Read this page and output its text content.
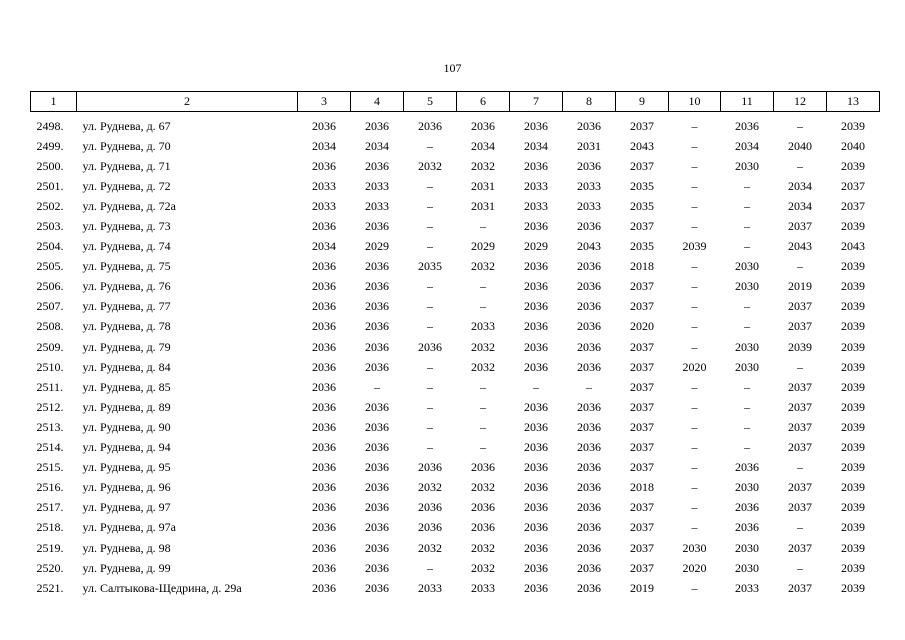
107
1	2	3	4	5	6	7	8	9	10	11	12	13
2498.	ул. Руднева, д. 67	2036	2036	2036	2036	2036	2036	2037	–	2036	–	2039
2499.	ул. Руднева, д. 70	2034	2034	–	2034	2034	2031	2043	–	2034	2040	2040
2500.	ул. Руднева, д. 71	2036	2036	2032	2032	2036	2036	2037	–	2030	–	2039
2501.	ул. Руднева, д. 72	2033	2033	–	2031	2033	2033	2035	–	–	2034	2037
2502.	ул. Руднева, д. 72а	2033	2033	–	2031	2033	2033	2035	–	–	2034	2037
2503.	ул. Руднева, д. 73	2036	2036	–	–	2036	2036	2037	–	–	2037	2039
2504.	ул. Руднева, д. 74	2034	2029	–	2029	2029	2043	2035	2039	–	2043	2043
2505.	ул. Руднева, д. 75	2036	2036	2035	2032	2036	2036	2018	–	2030	–	2039
2506.	ул. Руднева, д. 76	2036	2036	–	–	2036	2036	2037	–	2030	2019	2039
2507.	ул. Руднева, д. 77	2036	2036	–	–	2036	2036	2037	–	–	2037	2039
2508.	ул. Руднева, д. 78	2036	2036	–	2033	2036	2036	2020	–	–	2037	2039
2509.	ул. Руднева, д. 79	2036	2036	2036	2032	2036	2036	2037	–	2030	2039	2039
2510.	ул. Руднева, д. 84	2036	2036	–	2032	2036	2036	2037	2020	2030	–	2039
2511.	ул. Руднева, д. 85	2036	–	–	–	–	–	2037	–	–	2037	2039
2512.	ул. Руднева, д. 89	2036	2036	–	–	2036	2036	2037	–	–	2037	2039
2513.	ул. Руднева, д. 90	2036	2036	–	–	2036	2036	2037	–	–	2037	2039
2514.	ул. Руднева, д. 94	2036	2036	–	–	2036	2036	2037	–	–	2037	2039
2515.	ул. Руднева, д. 95	2036	2036	2036	2036	2036	2036	2037	–	2036	–	2039
2516.	ул. Руднева, д. 96	2036	2036	2032	2032	2036	2036	2018	–	2030	2037	2039
2517.	ул. Руднева, д. 97	2036	2036	2036	2036	2036	2036	2037	–	2036	2037	2039
2518.	ул. Руднева, д. 97а	2036	2036	2036	2036	2036	2036	2037	–	2036	–	2039
2519.	ул. Руднева, д. 98	2036	2036	2032	2032	2036	2036	2037	2030	2030	2037	2039
2520.	ул. Руднева, д. 99	2036	2036	–	2032	2036	2036	2037	2020	2030	–	2039
2521.	ул. Салтыкова-Щедрина, д. 29а	2036	2036	2033	2033	2036	2036	2019	–	2033	2037	2039
